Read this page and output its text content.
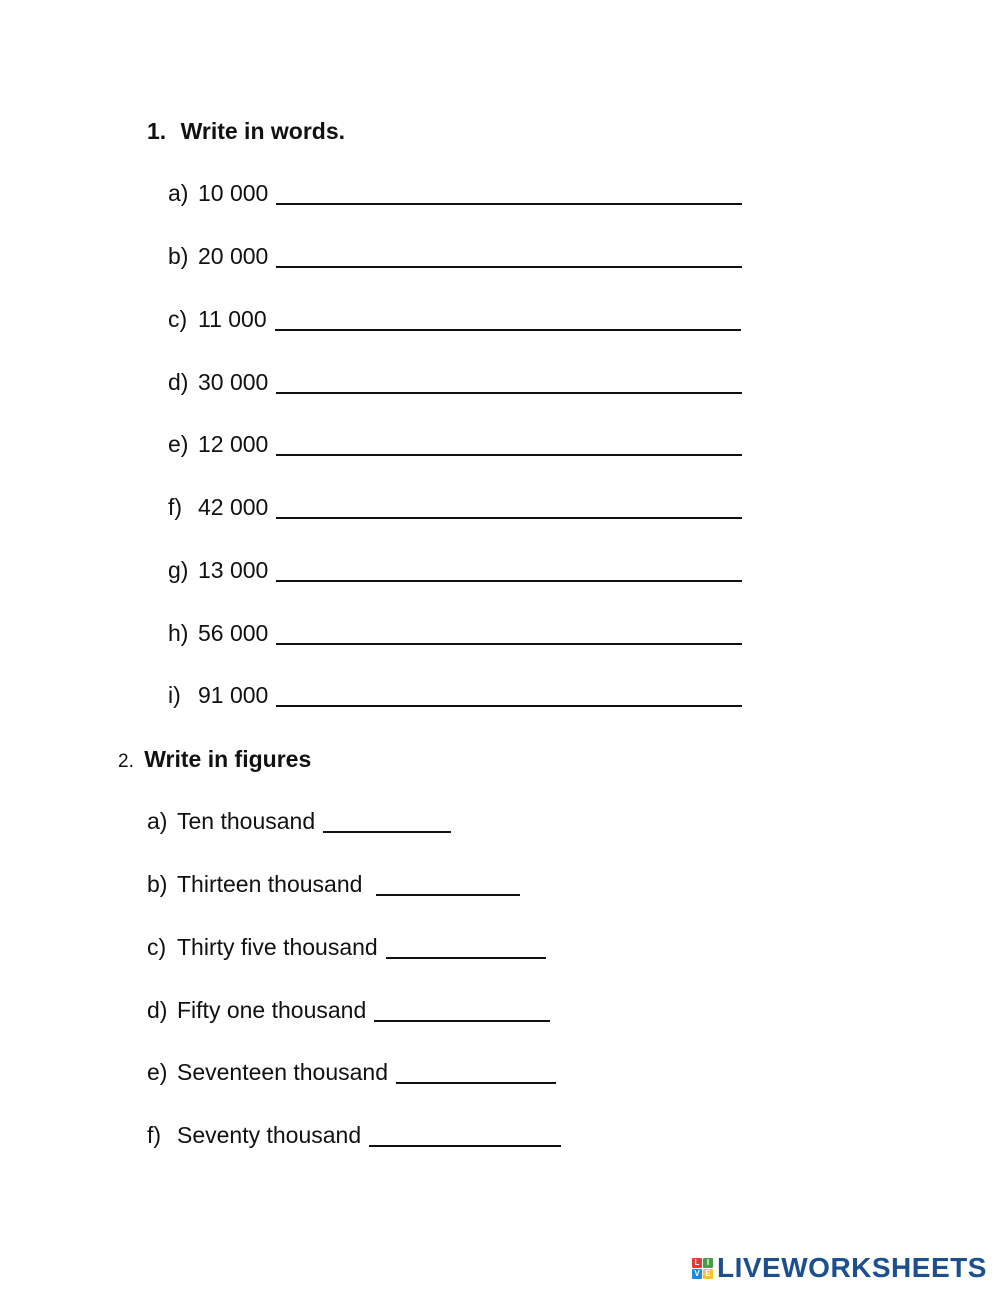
1. Write in words.
a) 10 000
b) 20 000
c) 11 000
d) 30 000
e) 12 000
f) 42 000
g) 13 000
h) 56 000
i) 91 000
2. Write in figures
a) Ten thousand
b) Thirteen thousand
c) Thirty five thousand
d) Fifty one thousand
e) Seventeen thousand
f) Seventy thousand
L I
V E LIVEWORKSHEETS
